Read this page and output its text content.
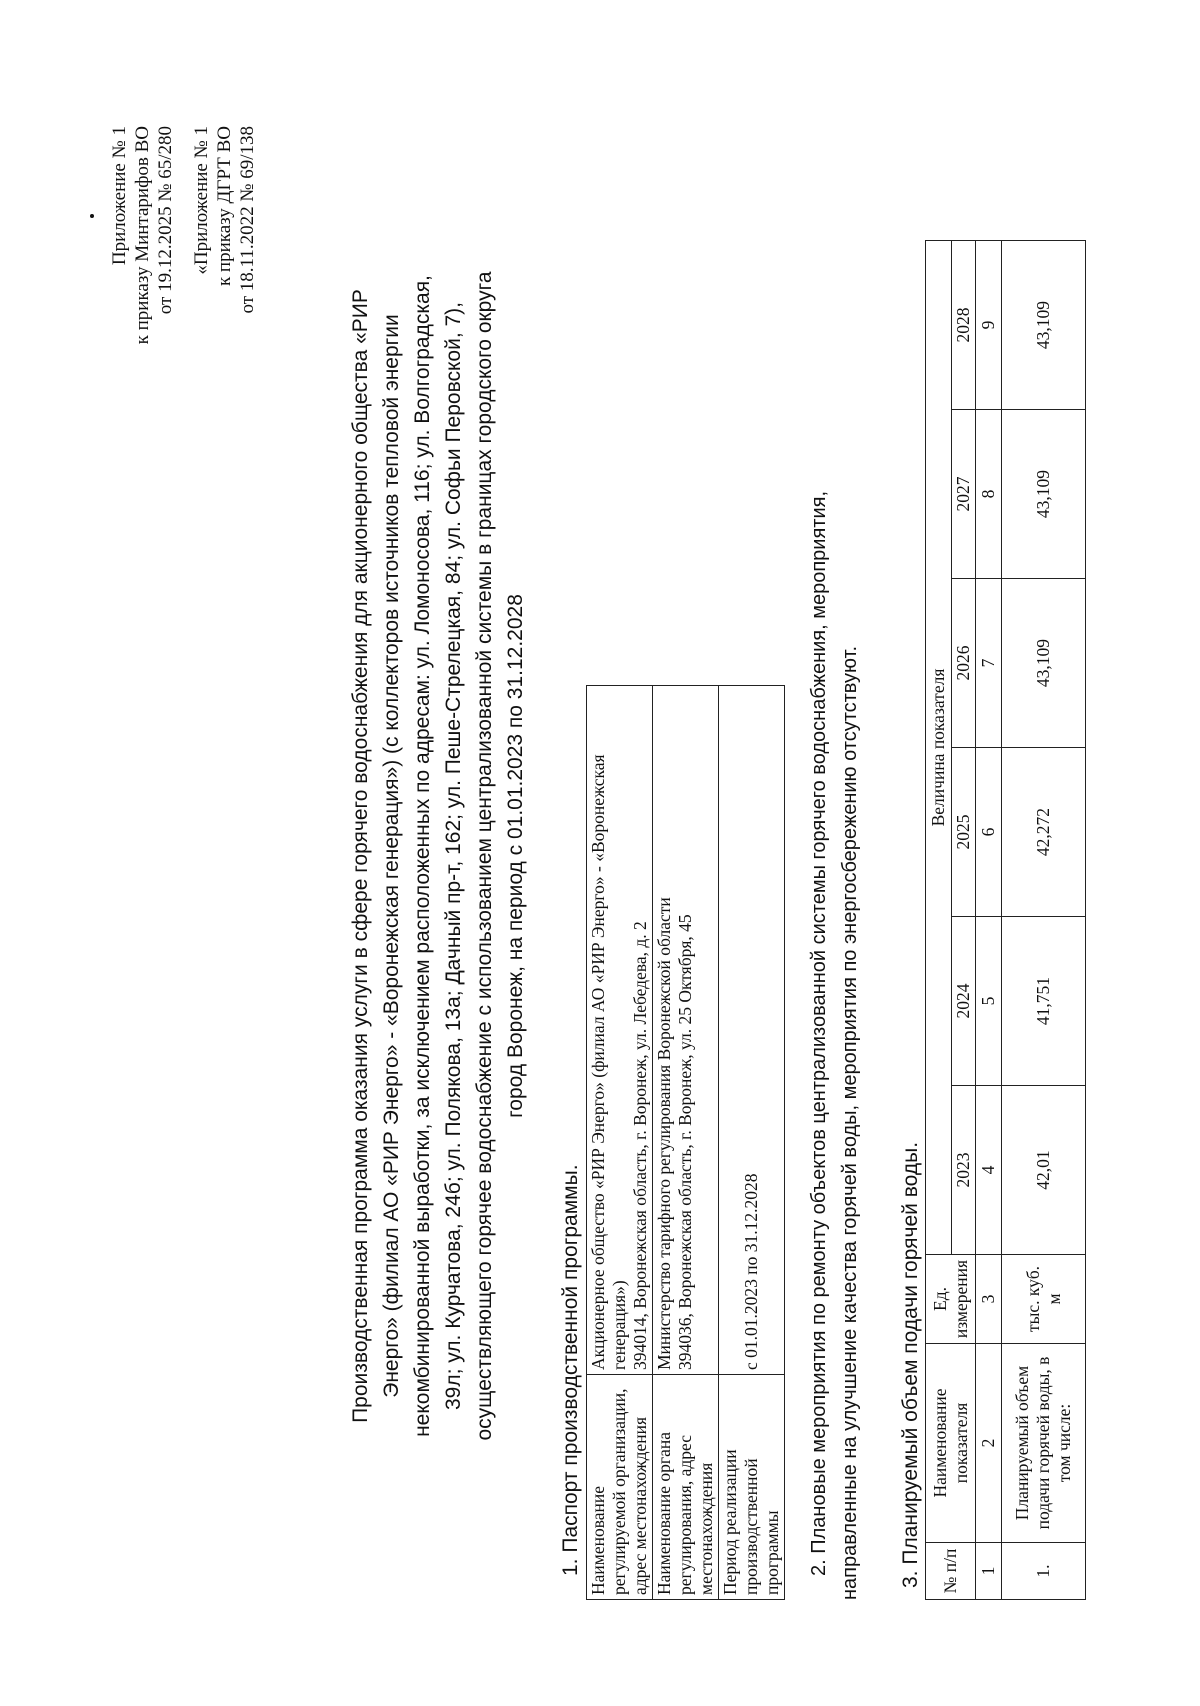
Приложение № 1 к приказу Минтарифов ВО от 19.12.2025 № 65/280 «Приложение № 1 к приказу ДГРТ ВО от 18.11.2022 № 69/138
Производственная программа оказания услуги в сфере горячего водоснабжения для акционерного общества «РИР Энерго» (филиал АО «РИР Энерго» - «Воронежская генерация») (с коллекторов источников тепловой энергии некомбинированной выработки, за исключением расположенных по адресам: ул. Ломоносова, 116; ул. Волгоградская, 39л; ул. Курчатова, 24б; ул. Полякова, 13а; Дачный пр-т, 162; ул. Пеше-Стрелецкая, 84; ул. Софьи Перовской, 7), осуществляющего горячее водоснабжение с использованием централизованной системы в границах городского округа город Воронеж, на период с 01.01.2023 по 31.12.2028
1. Паспорт производственной программы. Наименование регулируемой организации, адрес местонахождения	Акционерное общество «РИР Энерго» (филиал АО «РИР Энерго» - «Воронежская генерация») 394014, Воронежская область, г. Воронеж, ул. Лебедева, д. 2

Наименование органа регулирования, адрес местонахождения	Министерство тарифного регулирования Воронежской области 394036, Воронежская область, г. Воронеж, ул. 25 Октября, 45

Период реализации производственной программы	с 01.01.2023 по 31.12.2028 2. Плановые мероприятия по ремонту объектов централизованной системы горячего водоснабжения, мероприятия, направленные на улучшение качества горячей воды, мероприятия по энергосбережению отсутствуют. 3. Планируемый объем подачи горячей воды. № п/п	Наименование показателя	Ед. измерения	Величина показателя					
			2023	2024	2025	2026	2027	2028
1	2	3	4	5	6	7	8	9
1.	Планируемый объем подачи горячей воды, в том числе:	тыс. куб. м	42,01	41,751	42,272	43,109	43,109	43,109
